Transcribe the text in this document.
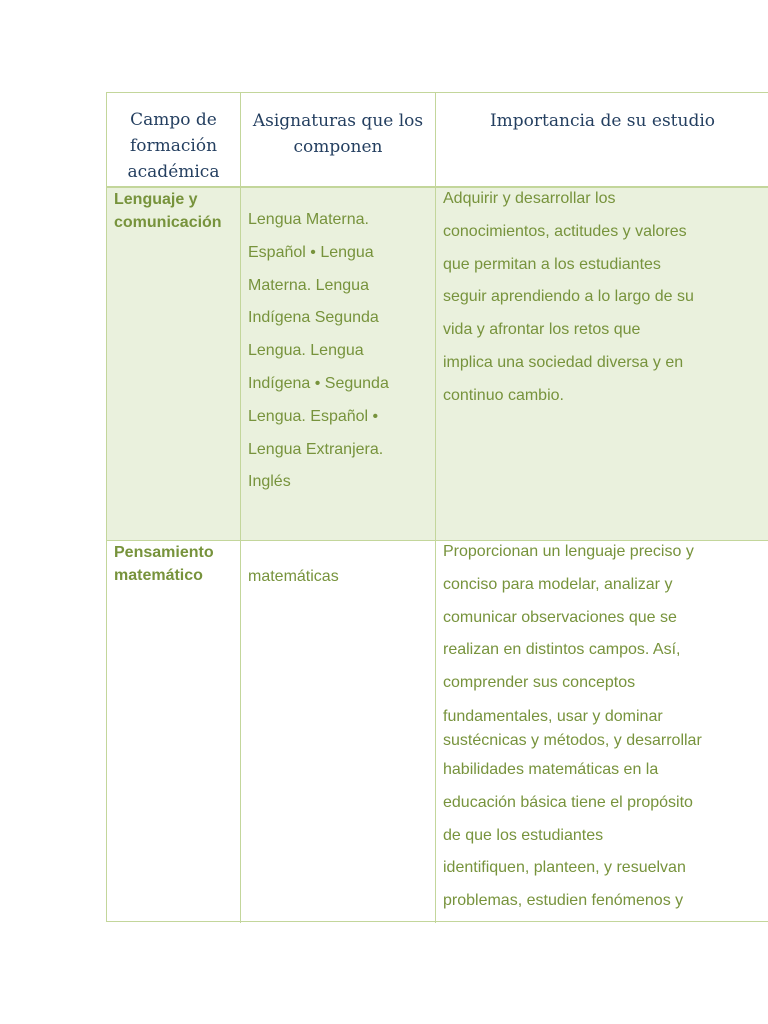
Campo de
formación
académica
Asignaturas que los
componen
Importancia de su estudio
Lenguaje y
comunicación	Lengua Materna.
Español • Lengua
Materna. Lengua
Indígena Segunda
Lengua. Lengua
Indígena • Segunda
Lengua. Español •
Lengua Extranjera.
Inglés
Adquirir y desarrollar los
conocimientos, actitudes y valores
que permitan a los estudiantes
seguir aprendiendo a lo largo de su
vida y afrontar los retos que
implica una sociedad diversa y en
continuo cambio.
Pensamiento
matemático	matemáticas
Proporcionan un lenguaje preciso y
conciso para modelar, analizar y
comunicar observaciones que se
realizan en distintos campos. Así,
comprender sus conceptos
fundamentales, usar y dominar
sustécnicas y métodos, y desarrollar
habilidades matemáticas en la
educación básica tiene el propósito
de que los estudiantes
identifiquen, planteen, y resuelvan
problemas, estudien fenómenos y
